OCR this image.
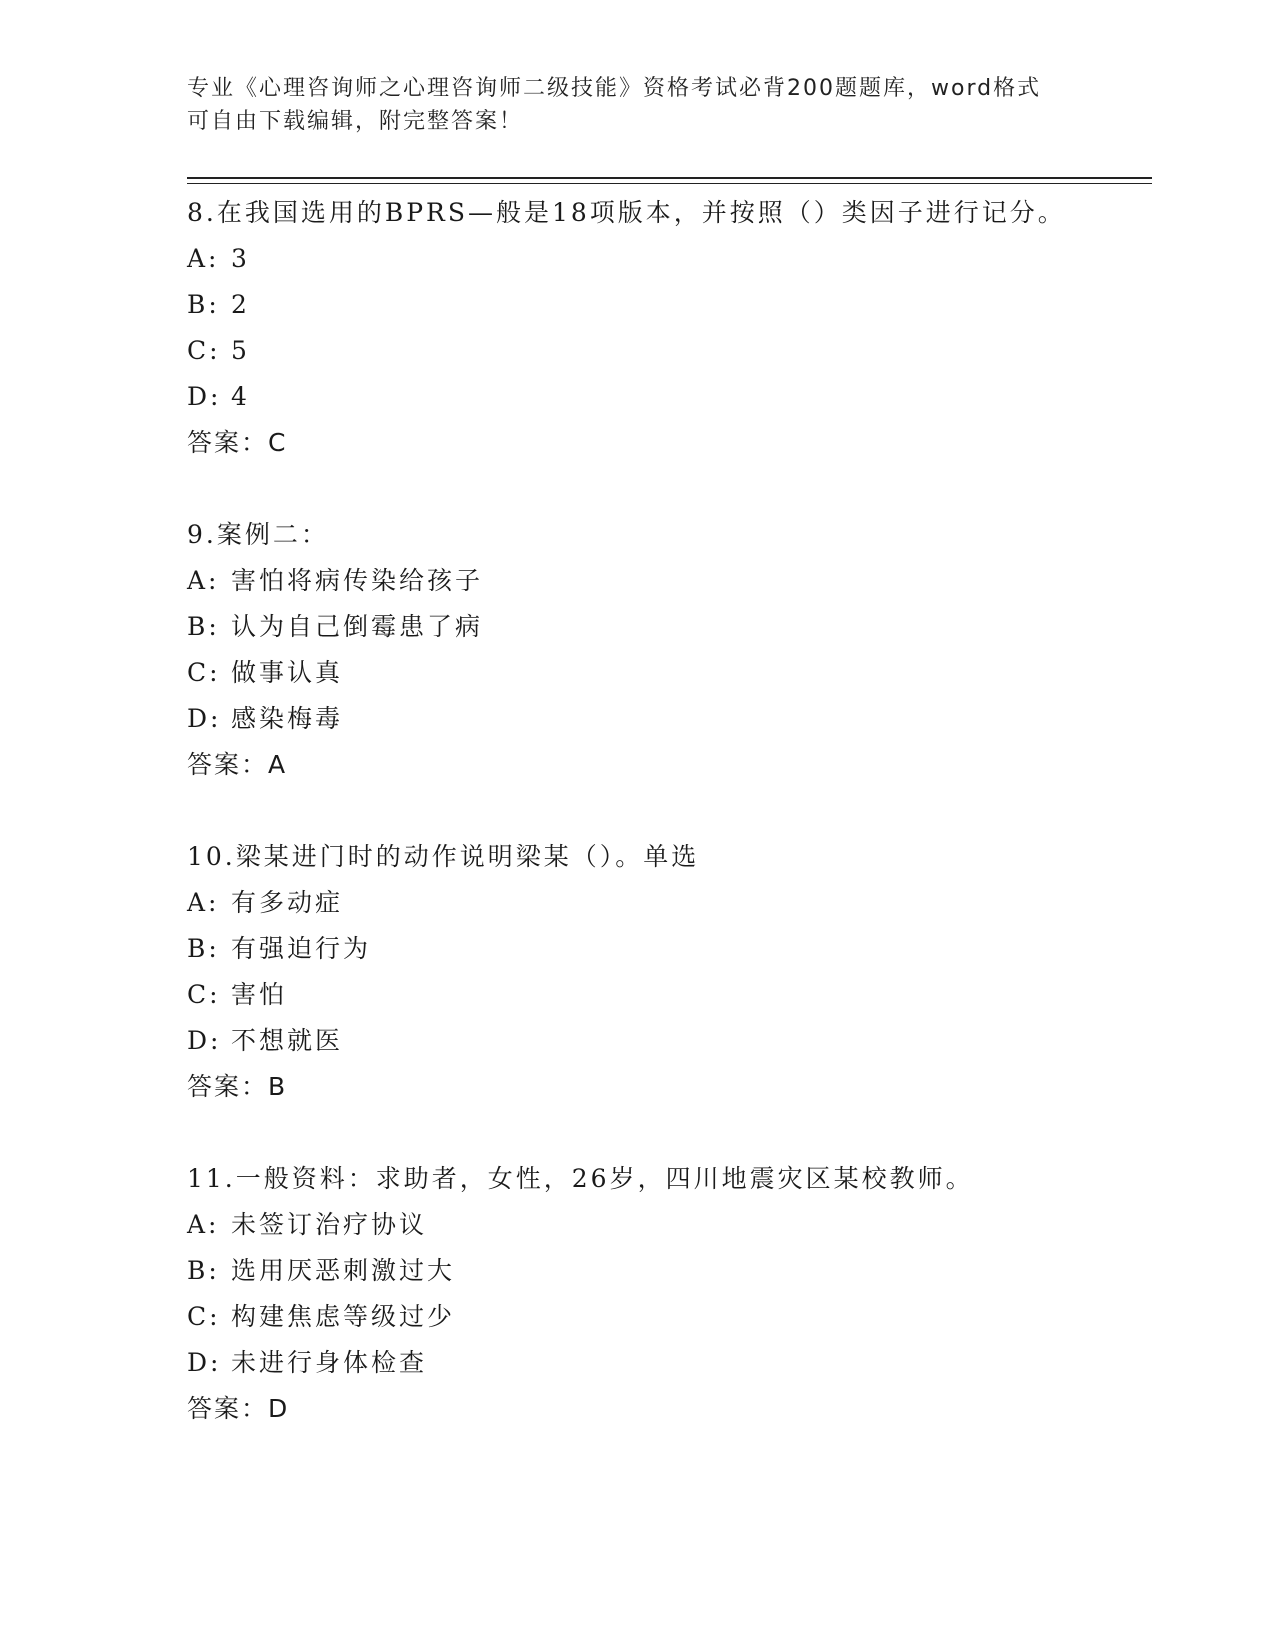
专业《心理咨询师之心理咨询师二级技能》资格考试必背200题题库，word格式

可自由下载编辑，附完整答案！

8.在我国选用的BPRS—般是18项版本，并按照（）类因子进行记分。
A: 3
B: 2
C: 5
D: 4
答案：C
9.案例二：
A: 害怕将病传染给孩子
B: 认为自己倒霉患了病
C: 做事认真
D: 感染梅毒
答案：A
10.梁某进门时的动作说明梁某（）。单选
A: 有多动症
B: 有强迫行为
C: 害怕
D: 不想就医
答案：B
11.一般资料：求助者，女性，26岁，四川地震灾区某校教师。
A: 未签订治疗协议
B: 选用厌恶刺激过大
C: 构建焦虑等级过少
D: 未进行身体检查
答案：D
